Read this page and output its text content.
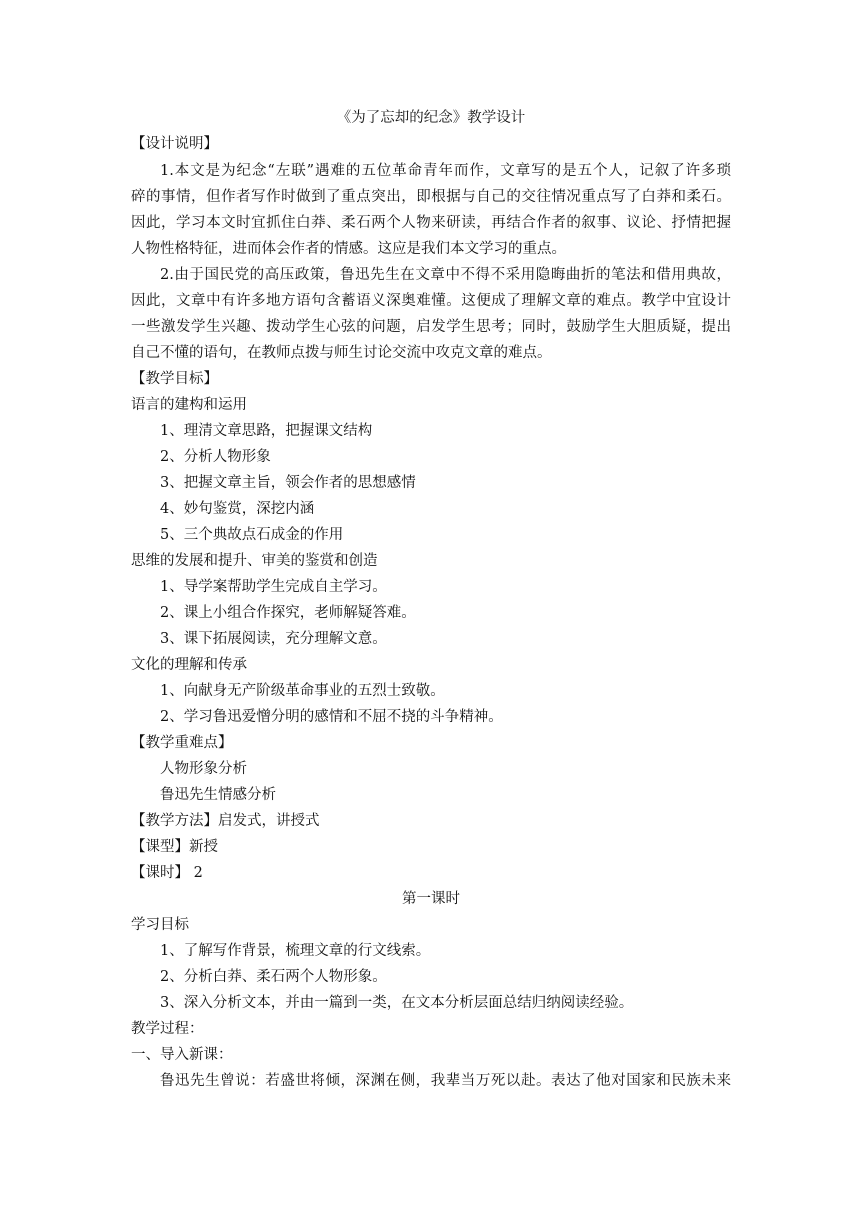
《为了忘却的纪念》教学设计
【设计说明】
1.本文是为纪念“左联”遇难的五位革命青年而作，文章写的是五个人，记叙了许多琐
碎的事情，但作者写作时做到了重点突出，即根据与自己的交往情况重点写了白莽和柔石。
因此，学习本文时宜抓住白莽、柔石两个人物来研读，再结合作者的叙事、议论、抒情把握
人物性格特征，进而体会作者的情感。这应是我们本文学习的重点。
2.由于国民党的高压政策，鲁迅先生在文章中不得不采用隐晦曲折的笔法和借用典故，
因此，文章中有许多地方语句含蓄语义深奥难懂。这便成了理解文章的难点。教学中宜设计
一些激发学生兴趣、拨动学生心弦的问题，启发学生思考；同时，鼓励学生大胆质疑，提出
自己不懂的语句，在教师点拨与师生讨论交流中攻克文章的难点。
【教学目标】
语言的建构和运用
1、理清文章思路，把握课文结构
2、分析人物形象
3、把握文章主旨，领会作者的思想感情
4、妙句鉴赏，深挖内涵
5、三个典故点石成金的作用
思维的发展和提升、审美的鉴赏和创造
1、导学案帮助学生完成自主学习。
2、课上小组合作探究，老师解疑答难。
3、课下拓展阅读，充分理解文意。
文化的理解和传承
1、向献身无产阶级革命事业的五烈士致敬。
2、学习鲁迅爱憎分明的感情和不屈不挠的斗争精神。
【教学重难点】
人物形象分析
鲁迅先生情感分析
【教学方法】启发式，讲授式
【课型】新授
【课时】 2
第一课时
学习目标
1、了解写作背景，梳理文章的行文线索。
2、分析白莽、柔石两个人物形象。
3、深入分析文本，并由一篇到一类，在文本分析层面总结归纳阅读经验。
教学过程：
一、导入新课：
鲁迅先生曾说：若盛世将倾，深渊在侧，我辈当万死以赴。表达了他对国家和民族未来
